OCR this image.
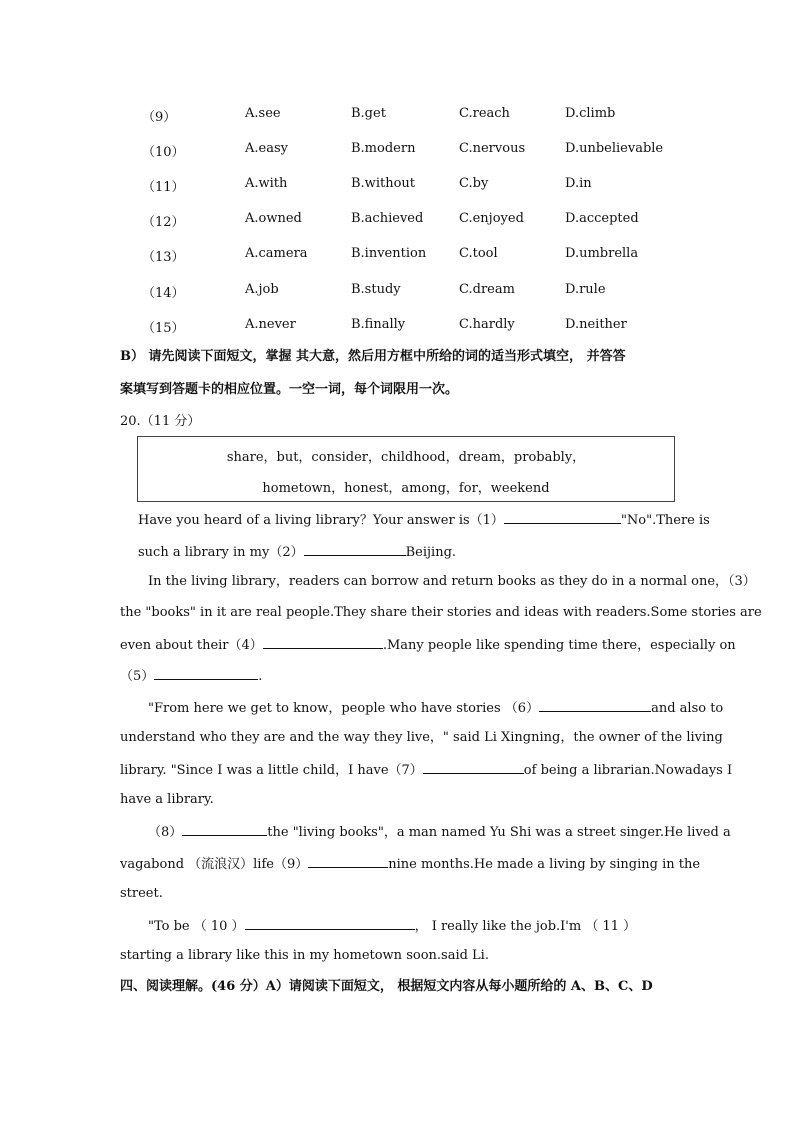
（9）	A.see	B.get	C.reach	D.climb
（10）	A.easy	B.modern	C.nervous	D.unbelievable
（11）	A.with	B.without	C.by	D.in
（12）	A.owned	B.achieved	C.enjoyed	D.accepted
（13）	A.camera	B.invention	C.tool	D.umbrella
（14）	A.job	B.study	C.dream	D.rule
（15）	A.never	B.finally	C.hardly	D.neither
B） 请先阅读下面短文，掌握 其大意，然后用方框中所给的词的适当形式填空， 并答答
案填写到答题卡的相应位置。一空一词，每个词限用一次。
20.（11 分）
share，but，consider，childhood，dream，probably，
hometown，honest，among，for，weekend
Have you heard of a living library？Your answer is（1）	"No".There is
such a library in my（2）	Beijing.
In the living library，readers can borrow and return books as they do in a normal one，（3）
the "books" in it are real people.They share their stories and ideas with readers.Some stories are
even about their（4）	.Many people like spending time there，especially on
（5）	.
"From here we get to know，people who have stories （6）	and also to
understand who they are and the way they live，" said Li Xingning，the owner of the living
library. "Since I was a little child，I have（7）	of being a librarian.Nowadays I
have a library.
（8）	the "living books"，a man named Yu Shi was a street singer.He lived a
vagabond （流浪汉）life（9）	nine months.He made a living by singing in the
street.
"To be （ 10 ）	， I really like the job.I'm （ 11 ）
starting a library like this in my hometown soon.said Li.
四、阅读理解。(46 分）A）请阅读下面短文， 根据短文内容从每小题所给的 A、B、C、D
